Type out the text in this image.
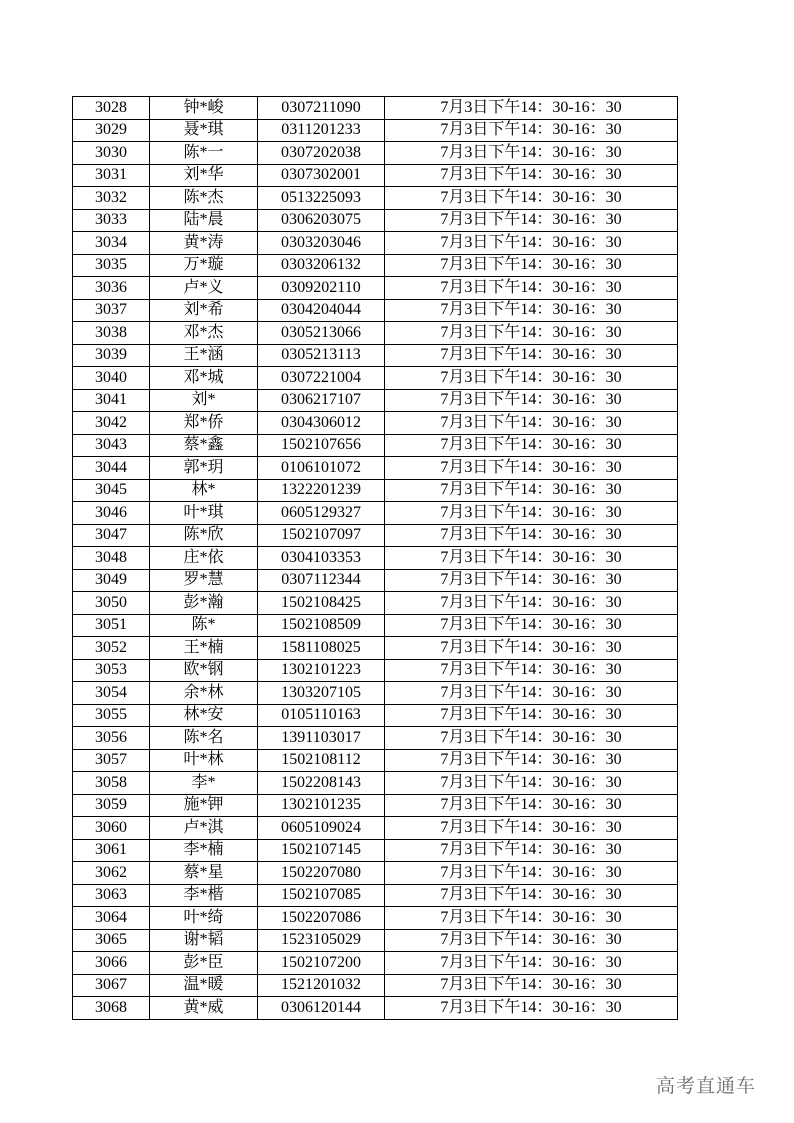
3028	钟*峻	0307211090	7月3日下午14：30-16：30
3029	聂*琪	0311201233	7月3日下午14：30-16：30
3030	陈*一	0307202038	7月3日下午14：30-16：30
3031	刘*华	0307302001	7月3日下午14：30-16：30
3032	陈*杰	0513225093	7月3日下午14：30-16：30
3033	陆*晨	0306203075	7月3日下午14：30-16：30
3034	黄*涛	0303203046	7月3日下午14：30-16：30
3035	万*璇	0303206132	7月3日下午14：30-16：30
3036	卢*义	0309202110	7月3日下午14：30-16：30
3037	刘*希	0304204044	7月3日下午14：30-16：30
3038	邓*杰	0305213066	7月3日下午14：30-16：30
3039	王*涵	0305213113	7月3日下午14：30-16：30
3040	邓*城	0307221004	7月3日下午14：30-16：30
3041	刘*	0306217107	7月3日下午14：30-16：30
3042	郑*侨	0304306012	7月3日下午14：30-16：30
3043	蔡*鑫	1502107656	7月3日下午14：30-16：30
3044	郭*玥	0106101072	7月3日下午14：30-16：30
3045	林*	1322201239	7月3日下午14：30-16：30
3046	叶*琪	0605129327	7月3日下午14：30-16：30
3047	陈*欣	1502107097	7月3日下午14：30-16：30
3048	庄*依	0304103353	7月3日下午14：30-16：30
3049	罗*慧	0307112344	7月3日下午14：30-16：30
3050	彭*瀚	1502108425	7月3日下午14：30-16：30
3051	陈*	1502108509	7月3日下午14：30-16：30
3052	王*楠	1581108025	7月3日下午14：30-16：30
3053	欧*钢	1302101223	7月3日下午14：30-16：30
3054	余*林	1303207105	7月3日下午14：30-16：30
3055	林*安	0105110163	7月3日下午14：30-16：30
3056	陈*名	1391103017	7月3日下午14：30-16：30
3057	叶*林	1502108112	7月3日下午14：30-16：30
3058	李*	1502208143	7月3日下午14：30-16：30
3059	施*钾	1302101235	7月3日下午14：30-16：30
3060	卢*淇	0605109024	7月3日下午14：30-16：30
3061	李*楠	1502107145	7月3日下午14：30-16：30
3062	蔡*星	1502207080	7月3日下午14：30-16：30
3063	李*楷	1502107085	7月3日下午14：30-16：30
3064	叶*绮	1502207086	7月3日下午14：30-16：30
3065	谢*韬	1523105029	7月3日下午14：30-16：30
3066	彭*臣	1502107200	7月3日下午14：30-16：30
3067	温*暖	1521201032	7月3日下午14：30-16：30
3068	黄*威	0306120144	7月3日下午14：30-16：30
高考直通车
